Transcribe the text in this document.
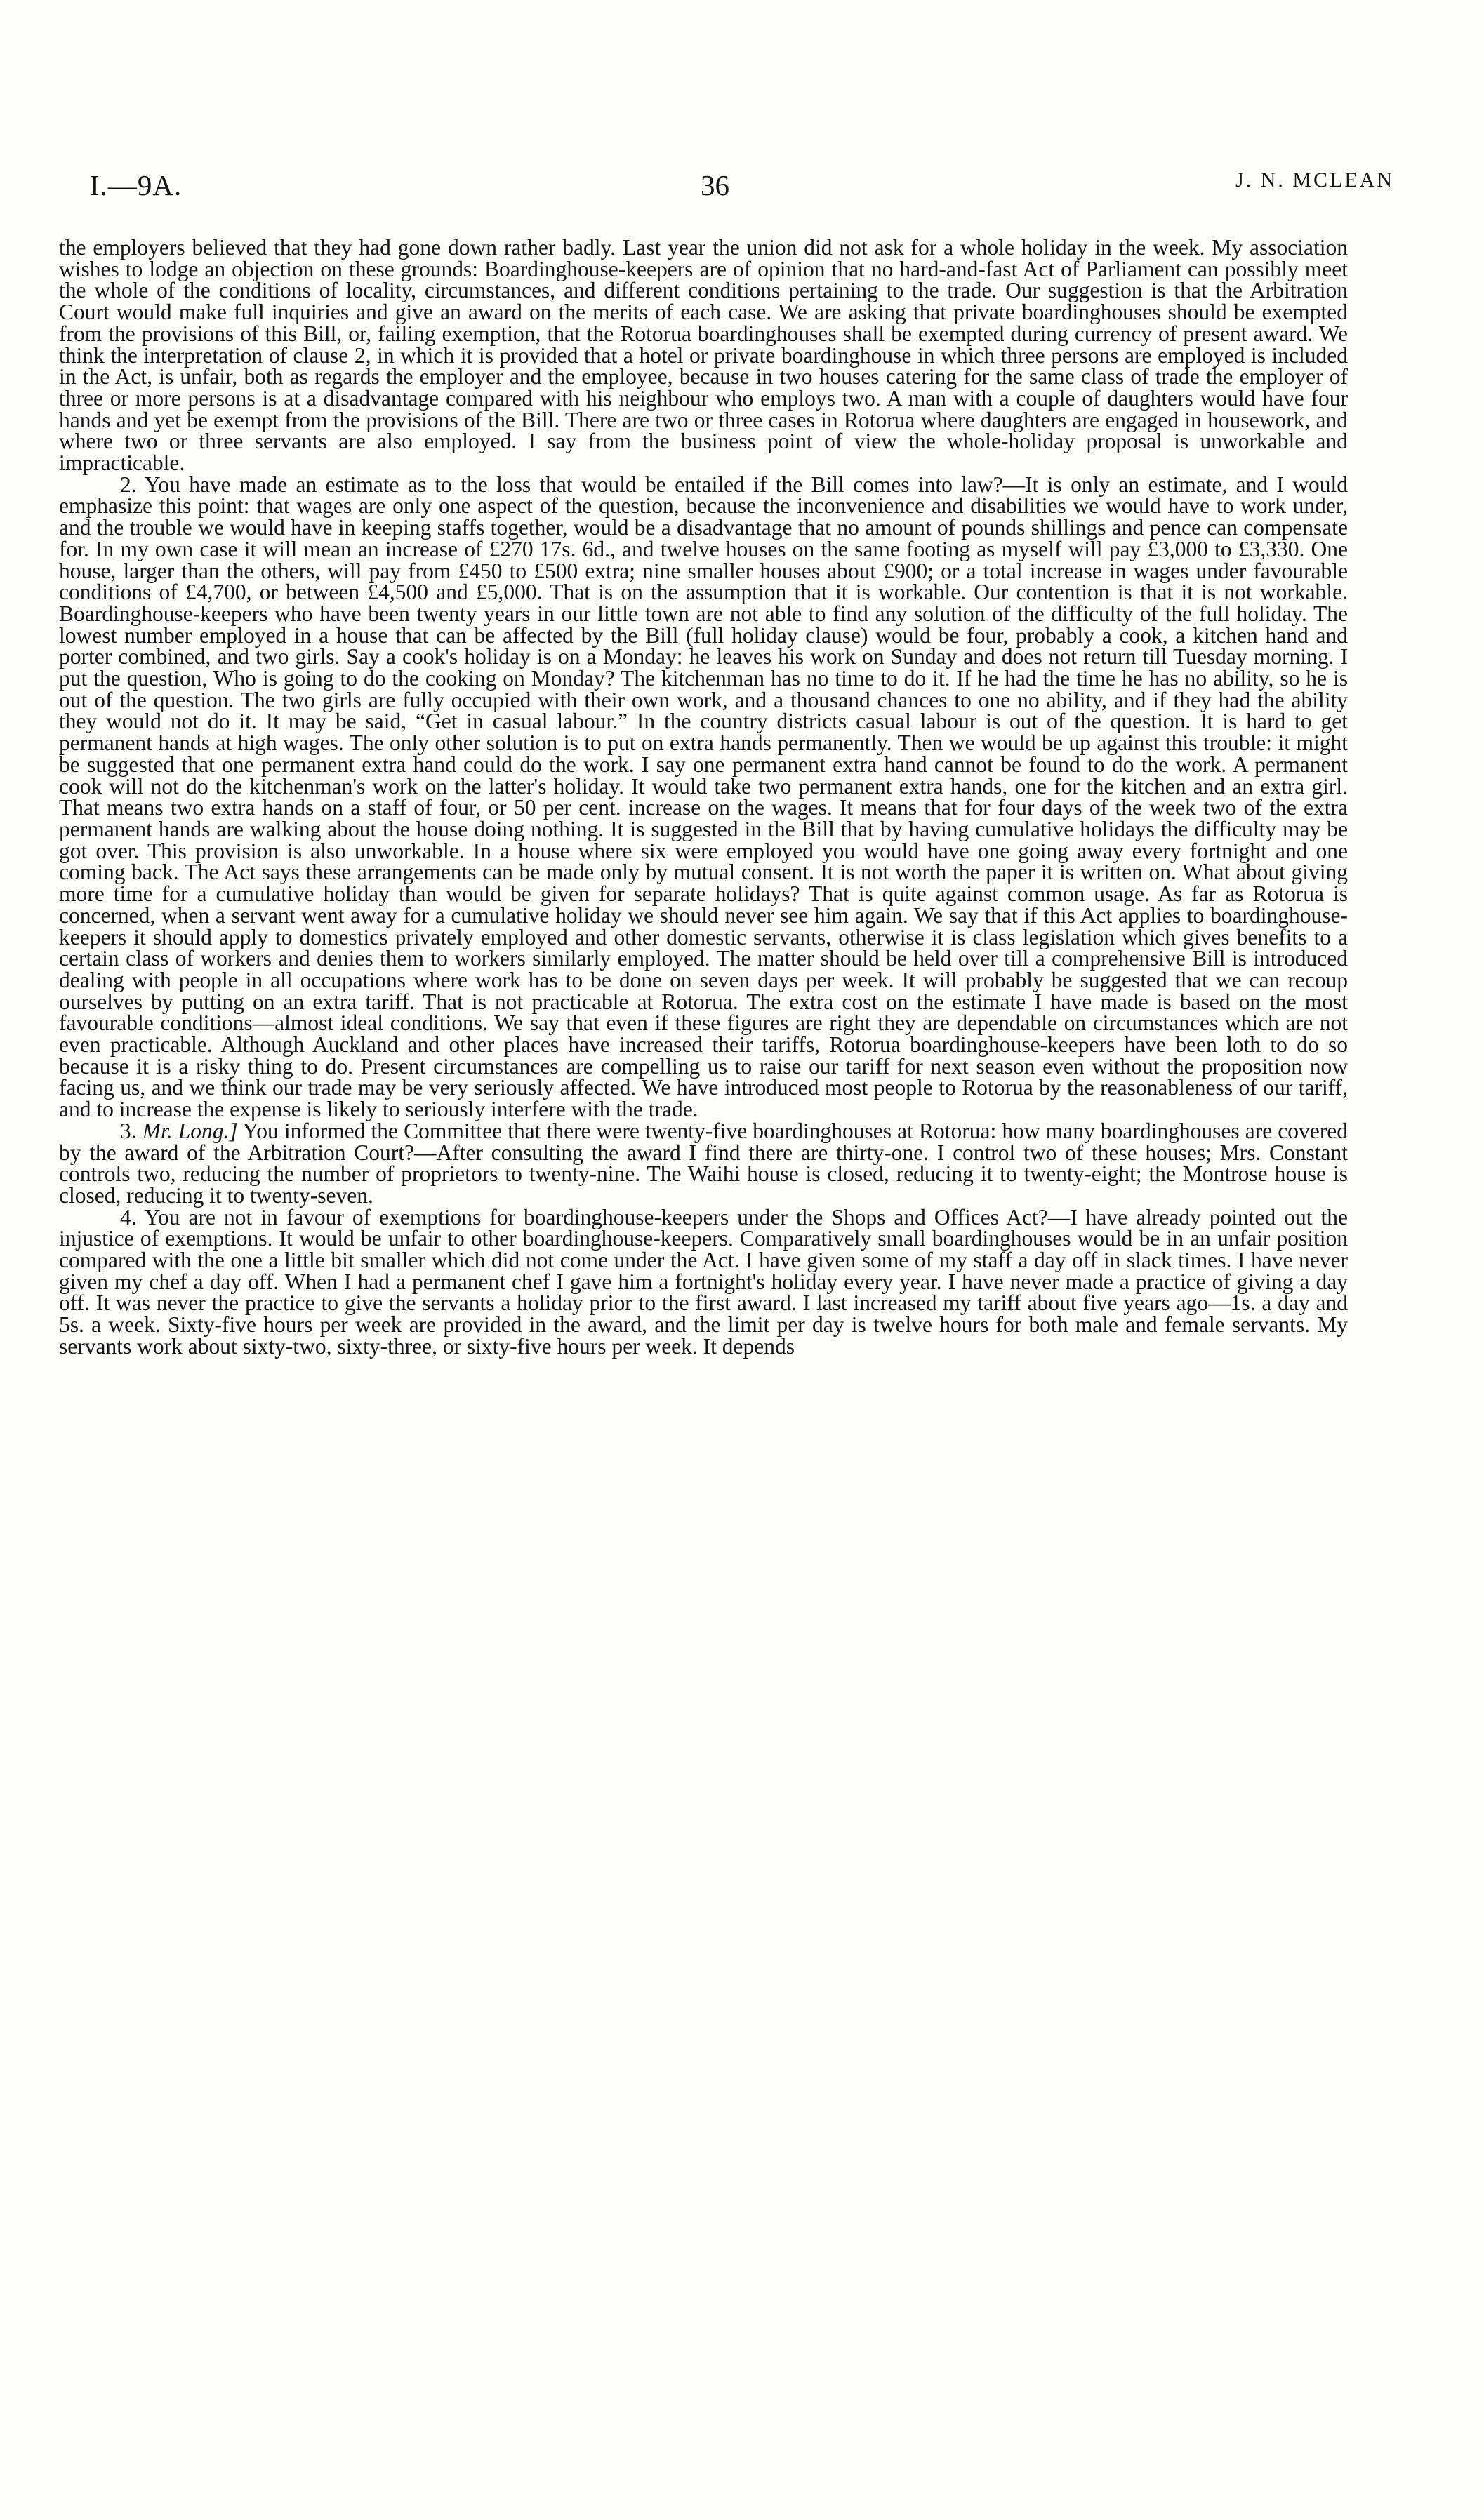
I.—9A.	36	J. N. MCLEAN

the employers believed that they had gone down rather badly. Last year the union did not ask for a whole holiday in the week. My association wishes to lodge an objection on these grounds: Boardinghouse-keepers are of opinion that no hard-and-fast Act of Parliament can possibly meet the whole of the conditions of locality, circumstances, and different conditions pertaining to the trade. Our suggestion is that the Arbitration Court would make full inquiries and give an award on the merits of each case. We are asking that private boardinghouses should be exempted from the provisions of this Bill, or, failing exemption, that the Rotorua boardinghouses shall be exempted during currency of present award. We think the interpretation of clause 2, in which it is provided that a hotel or private boardinghouse in which three persons are employed is included in the Act, is unfair, both as regards the employer and the employee, because in two houses catering for the same class of trade the employer of three or more persons is at a disadvantage compared with his neighbour who employs two. A man with a couple of daughters would have four hands and yet be exempt from the provisions of the Bill. There are two or three cases in Rotorua where daughters are engaged in housework, and where two or three servants are also employed. I say from the business point of view the whole-holiday proposal is unworkable and impracticable.

2. You have made an estimate as to the loss that would be entailed if the Bill comes into law?—It is only an estimate, and I would emphasize this point: that wages are only one aspect of the question, because the inconvenience and disabilities we would have to work under, and the trouble we would have in keeping staffs together, would be a disadvantage that no amount of pounds shillings and pence can compensate for. In my own case it will mean an increase of £270 17s. 6d., and twelve houses on the same footing as myself will pay £3,000 to £3,330. One house, larger than the others, will pay from £450 to £500 extra; nine smaller houses about £900; or a total increase in wages under favourable conditions of £4,700, or between £4,500 and £5,000. That is on the assumption that it is workable. Our contention is that it is not workable. Boardinghouse-keepers who have been twenty years in our little town are not able to find any solution of the difficulty of the full holiday. The lowest number employed in a house that can be affected by the Bill (full holiday clause) would be four, probably a cook, a kitchen hand and porter combined, and two girls. Say a cook's holiday is on a Monday: he leaves his work on Sunday and does not return till Tuesday morning. I put the question, Who is going to do the cooking on Monday? The kitchenman has no time to do it. If he had the time he has no ability, so he is out of the question. The two girls are fully occupied with their own work, and a thousand chances to one no ability, and if they had the ability they would not do it. It may be said, “Get in casual labour.” In the country districts casual labour is out of the question. It is hard to get permanent hands at high wages. The only other solution is to put on extra hands permanently. Then we would be up against this trouble: it might be suggested that one permanent extra hand could do the work. I say one permanent extra hand cannot be found to do the work. A permanent cook will not do the kitchenman's work on the latter's holiday. It would take two permanent extra hands, one for the kitchen and an extra girl. That means two extra hands on a staff of four, or 50 per cent. increase on the wages. It means that for four days of the week two of the extra permanent hands are walking about the house doing nothing. It is suggested in the Bill that by having cumulative holidays the difficulty may be got over. This provision is also unworkable. In a house where six were employed you would have one going away every fortnight and one coming back. The Act says these arrangements can be made only by mutual consent. It is not worth the paper it is written on. What about giving more time for a cumulative holiday than would be given for separate holidays? That is quite against common usage. As far as Rotorua is concerned, when a servant went away for a cumulative holiday we should never see him again. We say that if this Act applies to boardinghouse-keepers it should apply to domestics privately employed and other domestic servants, otherwise it is class legislation which gives benefits to a certain class of workers and denies them to workers similarly employed. The matter should be held over till a comprehensive Bill is introduced dealing with people in all occupations where work has to be done on seven days per week. It will probably be suggested that we can recoup ourselves by putting on an extra tariff. That is not practicable at Rotorua. The extra cost on the estimate I have made is based on the most favourable conditions—almost ideal conditions. We say that even if these figures are right they are dependable on circumstances which are not even practicable. Although Auckland and other places have increased their tariffs, Rotorua boardinghouse-keepers have been loth to do so because it is a risky thing to do. Present circumstances are compelling us to raise our tariff for next season even without the proposition now facing us, and we think our trade may be very seriously affected. We have introduced most people to Rotorua by the reasonableness of our tariff, and to increase the expense is likely to seriously interfere with the trade.

3. Mr. Long.] You informed the Committee that there were twenty-five boardinghouses at Rotorua: how many boardinghouses are covered by the award of the Arbitration Court?—After consulting the award I find there are thirty-one. I control two of these houses; Mrs. Constant controls two, reducing the number of proprietors to twenty-nine. The Waihi house is closed, reducing it to twenty-eight; the Montrose house is closed, reducing it to twenty-seven.

4. You are not in favour of exemptions for boardinghouse-keepers under the Shops and Offices Act?—I have already pointed out the injustice of exemptions. It would be unfair to other boardinghouse-keepers. Comparatively small boardinghouses would be in an unfair position compared with the one a little bit smaller which did not come under the Act. I have given some of my staff a day off in slack times. I have never given my chef a day off. When I had a permanent chef I gave him a fortnight's holiday every year. I have never made a practice of giving a day off. It was never the practice to give the servants a holiday prior to the first award. I last increased my tariff about five years ago—1s. a day and 5s. a week. Sixty-five hours per week are provided in the award, and the limit per day is twelve hours for both male and female servants. My servants work about sixty-two, sixty-three, or sixty-five hours per week. It depends
